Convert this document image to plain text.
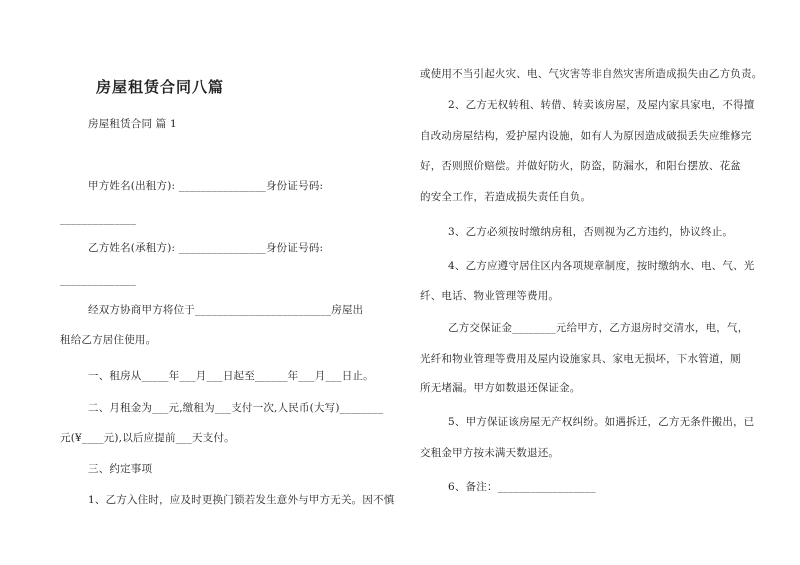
房屋租赁合同八篇
房屋租赁合同 篇 1
甲方姓名(出租方): ________________身份证号码:
______________
乙方姓名(承租方): ________________身份证号码:
______________
经双方协商甲方将位于_________________________房屋出
租给乙方居住使用。
一、租房从_____年___月___日起至______年___月___日止。
二、月租金为___元,缴租为___支付一次,人民币(大写)________
元(¥____元),以后应提前___天支付。
三、约定事项
1、乙方入住时，应及时更换门锁若发生意外与甲方无关。因不慎
或使用不当引起火灾、电、气灾害等非自然灾害所造成损失由乙方负责。
2、乙方无权转租、转借、转卖该房屋，及屋内家具家电，不得擅
自改动房屋结构，爱护屋内设施，如有人为原因造成破损丢失应维修完
好，否则照价赔偿。并做好防火，防盗，防漏水，和阳台摆放、花盆
的安全工作，若造成损失责任自负。
3、乙方必须按时缴纳房租，否则视为乙方违约，协议终止。
4、乙方应遵守居住区内各项规章制度，按时缴纳水、电、气、光
纤、电话、物业管理等费用。
乙方交保证金________元给甲方，乙方退房时交清水，电，气，
光纤和物业管理等费用及屋内设施家具、家电无损坏，下水管道，厕
所无堵漏。甲方如数退还保证金。
5、甲方保证该房屋无产权纠纷。如遇拆迁，乙方无条件搬出，已
交租金甲方按未满天数退还。
6、备注：__________________
